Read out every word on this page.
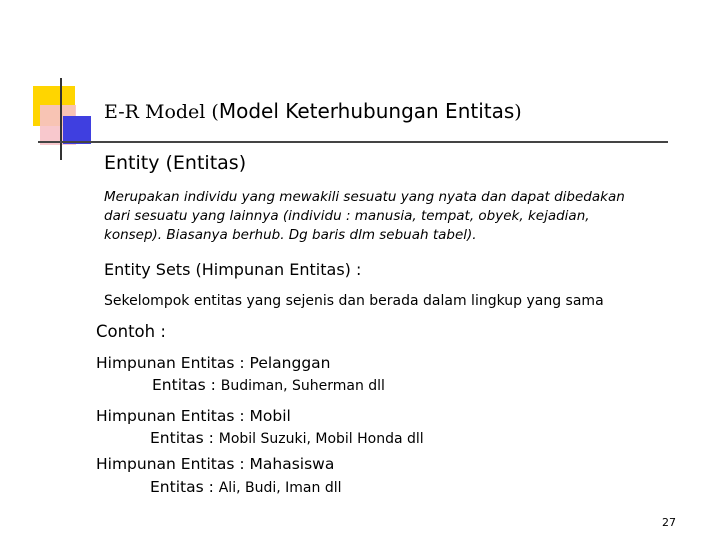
E-R Model (Model Keterhubungan Entitas)
Entity (Entitas)
Merupakan individu yang mewakili sesuatu yang nyata dan dapat dibedakan
dari sesuatu yang lainnya (individu : manusia, tempat, obyek, kejadian,
konsep). Biasanya berhub. Dg baris dlm sebuah tabel).
Entity Sets (Himpunan Entitas) :
Sekelompok entitas yang sejenis dan berada dalam lingkup yang sama
Contoh :
Himpunan Entitas : Pelanggan
Entitas : Budiman, Suherman dll
Himpunan Entitas : Mobil
Entitas : Mobil Suzuki, Mobil Honda dll
Himpunan Entitas : Mahasiswa
Entitas : Ali, Budi, Iman dll
27
